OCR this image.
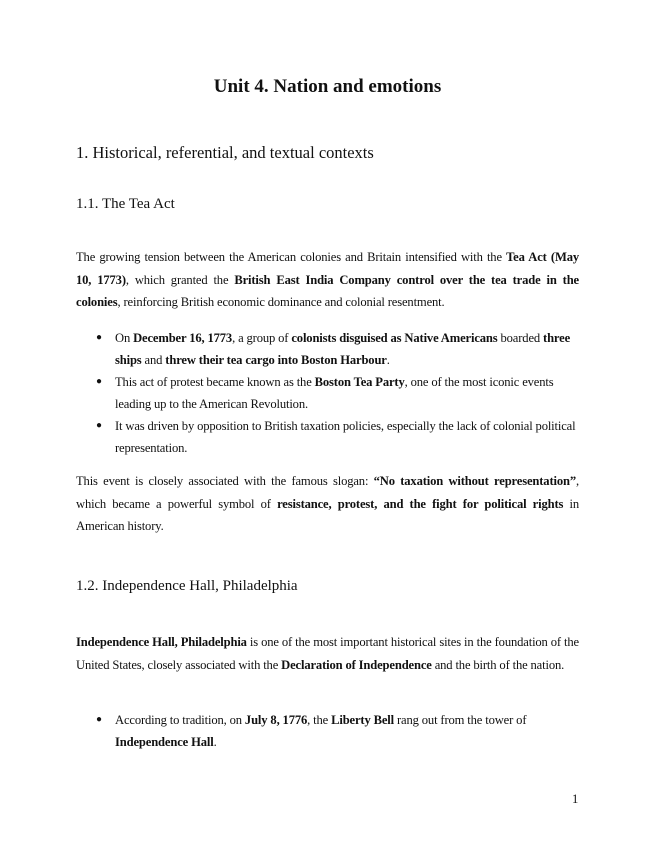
Unit 4. Nation and emotions
1. Historical, referential, and textual contexts
1.1. The Tea Act

The growing tension between the American colonies and Britain intensified with the Tea Act (May 10, 1773), which granted the British East India Company control over the tea trade in the colonies, reinforcing British economic dominance and colonial resentment.

●	On December 16, 1773, a group of colonists disguised as Native Americans boarded three ships and threw their tea cargo into Boston Harbour.
●	This act of protest became known as the Boston Tea Party, one of the most iconic events leading up to the American Revolution.
●	It was driven by opposition to British taxation policies, especially the lack of colonial political representation.

This event is closely associated with the famous slogan: “No taxation without representation”, which became a powerful symbol of resistance, protest, and the fight for political rights in American history.

1.2. Independence Hall, Philadelphia

Independence Hall, Philadelphia is one of the most important historical sites in the foundation of the United States, closely associated with the Declaration of Independence and the birth of the nation.

●	According to tradition, on July 8, 1776, the Liberty Bell rang out from the tower of Independence Hall.
1
